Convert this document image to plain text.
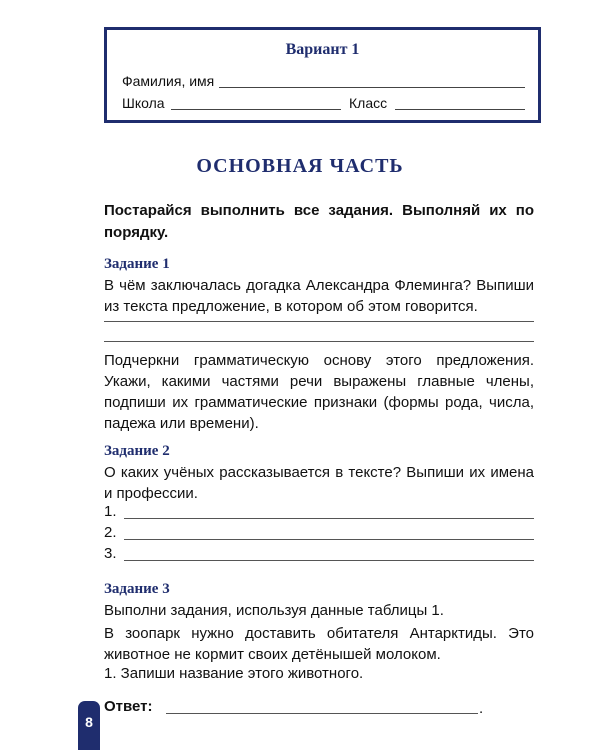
Вариант 1
Фамилия, имя
Школа	Класс
ОСНОВНАЯ ЧАСТЬ
Постарайся выполнить все задания. Выполняй их по порядку.
Задание 1
В чём заключалась догадка Александра Флеминга? Выпиши из текста предложение, в котором об этом говорится.
Подчеркни грамматическую основу этого предложения. Укажи, какими частями речи выражены главные члены, подпиши их грамматические признаки (формы рода, числа, падежа или времени).
Задание 2
О каких учёных рассказывается в тексте? Выпиши их имена и профессии.
1.
2.
3.
Задание 3
Выполни задания, используя данные таблицы 1.
В зоопарк нужно доставить обитателя Антарктиды. Это животное не кормит своих детёнышей молоком.
1. Запиши название этого животного.
Ответ:	.
8
